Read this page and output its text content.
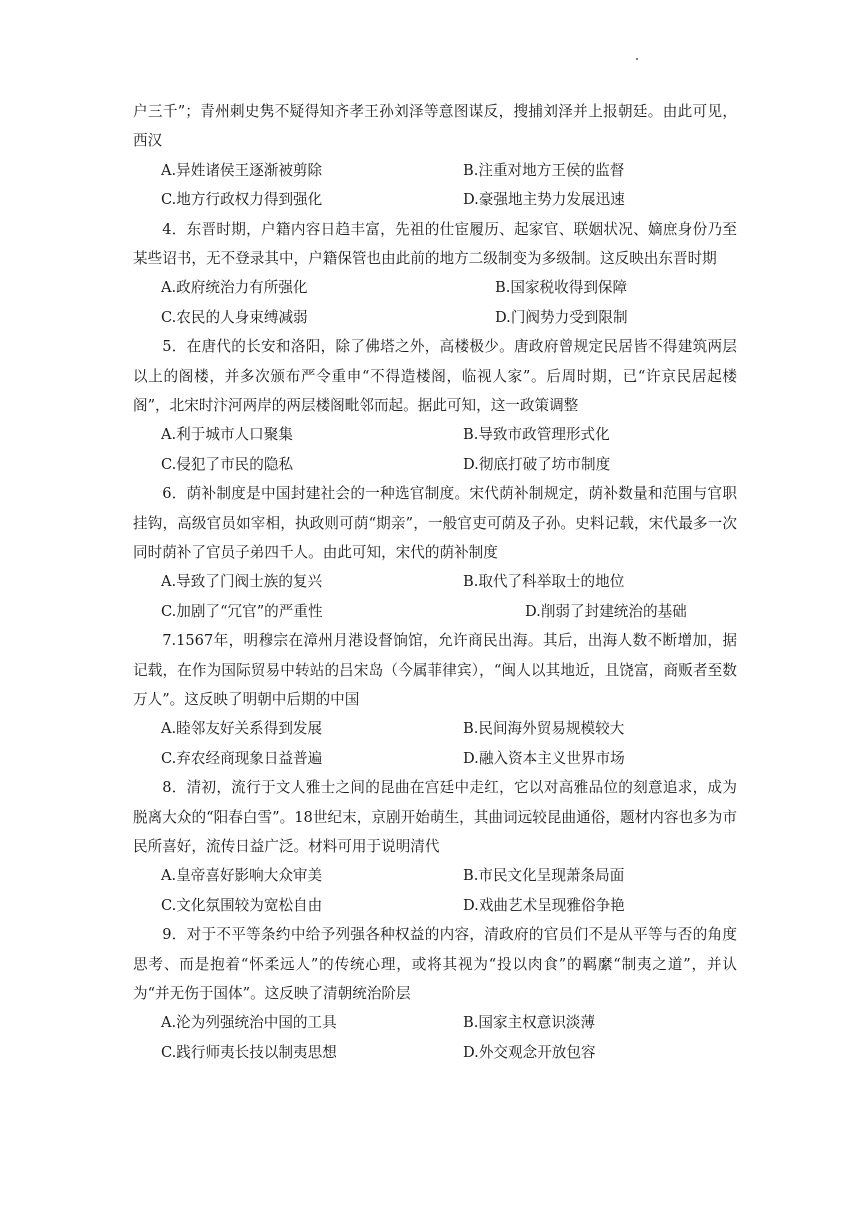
户三千”；青州刺史隽不疑得知齐孝王孙刘泽等意图谋反，搜捕刘泽并上报朝廷。由此可见，西汉

A.异姓诸侯王逐渐被剪除	B.注重对地方王侯的监督
C.地方行政权力得到强化	D.豪强地主势力发展迅速

4．东晋时期，户籍内容日趋丰富，先祖的仕宦履历、起家官、联姻状况、嫡庶身份乃至某些诏书，无不登录其中，户籍保管也由此前的地方二级制变为多级制。这反映出东晋时期

A.政府统治力有所强化	B.国家税收得到保障
C.农民的人身束缚减弱	D.门阀势力受到限制

5．在唐代的长安和洛阳，除了佛塔之外，高楼极少。唐政府曾规定民居皆不得建筑两层以上的阁楼，并多次颁布严令重申“不得造楼阁，临视人家”。后周时期，已“许京民居起楼阁”，北宋时汴河两岸的两层楼阁毗邻而起。据此可知，这一政策调整

A.利于城市人口聚集	B.导致市政管理形式化
C.侵犯了市民的隐私	D.彻底打破了坊市制度

6．荫补制度是中国封建社会的一种选官制度。宋代荫补制规定，荫补数量和范围与官职挂钩，高级官员如宰相，执政则可荫“期亲”，一般官吏可荫及子孙。史料记载，宋代最多一次同时荫补了官员子弟四千人。由此可知，宋代的荫补制度

A.导致了门阀士族的复兴	B.取代了科举取士的地位
C.加剧了“冗官”的严重性	D.削弱了封建统治的基础

7.1567年，明穆宗在漳州月港设督饷馆，允许商民出海。其后，出海人数不断增加，据记载，在作为国际贸易中转站的吕宋岛（今属菲律宾），“闽人以其地近，且饶富，商贩者至数万人”。这反映了明朝中后期的中国

A.睦邻友好关系得到发展	B.民间海外贸易规模较大
C.弃农经商现象日益普遍	D.融入资本主义世界市场

8．清初，流行于文人雅士之间的昆曲在宫廷中走红，它以对高雅品位的刻意追求，成为脱离大众的“阳春白雪”。18世纪末，京剧开始萌生，其曲词远较昆曲通俗，题材内容也多为市民所喜好，流传日益广泛。材料可用于说明清代

A.皇帝喜好影响大众审美	B.市民文化呈现萧条局面
C.文化氛围较为宽松自由	D.戏曲艺术呈现雅俗争艳

9．对于不平等条约中给予列强各种权益的内容，清政府的官员们不是从平等与否的角度思考、而是抱着“怀柔远人”的传统心理，或将其视为“投以肉食”的羁縻“制夷之道”，并认为“并无伤于国体”。这反映了清朝统治阶层

A.沦为列强统治中国的工具	B.国家主权意识淡薄
C.践行师夷长技以制夷思想	D.外交观念开放包容
